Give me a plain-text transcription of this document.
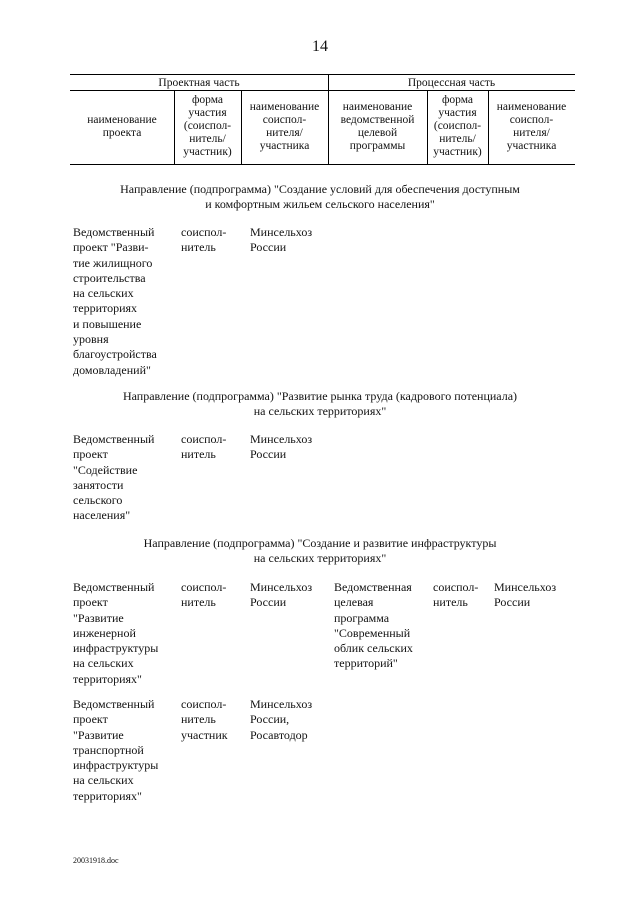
14
Проектная часть	Процессная часть
наименование
проекта
форма
участия
(соиспол-
нитель/
участник)
наименование
соиспол-
нителя/
участника
наименование
ведомственной
целевой
программы
форма
участия
(соиспол-
нитель/
участник)
наименование
соиспол-
нителя/
участника
Направление (подпрограмма) "Создание условий для обеспечения доступным
и комфортным жильем сельского населения"
Ведомственный
проект "Разви-
тие жилищного
строительства
на сельских
территориях
и повышение
уровня
благоустройства
домовладений"
соиспол-
нитель
Минсельхоз
России
Направление (подпрограмма) "Развитие рынка труда (кадрового потенциала)
на сельских территориях"
Ведомственный
проект
"Содействие
занятости
сельского
населения"
соиспол-
нитель
Минсельхоз
России
Направление (подпрограмма) "Создание и развитие инфраструктуры
на сельских территориях"
Ведомственный
проект
"Развитие
инженерной
инфраструктуры
на сельских
территориях"
соиспол-
нитель
Минсельхоз
России
Ведомственная
целевая
программа
"Современный
облик сельских
территорий"
соиспол-
нитель
Минсельхоз
России
Ведомственный
проект
"Развитие
транспортной
инфраструктуры
на сельских
территориях"
соиспол-
нитель
участник
Минсельхоз
России,
Росавтодор
20031918.doc
